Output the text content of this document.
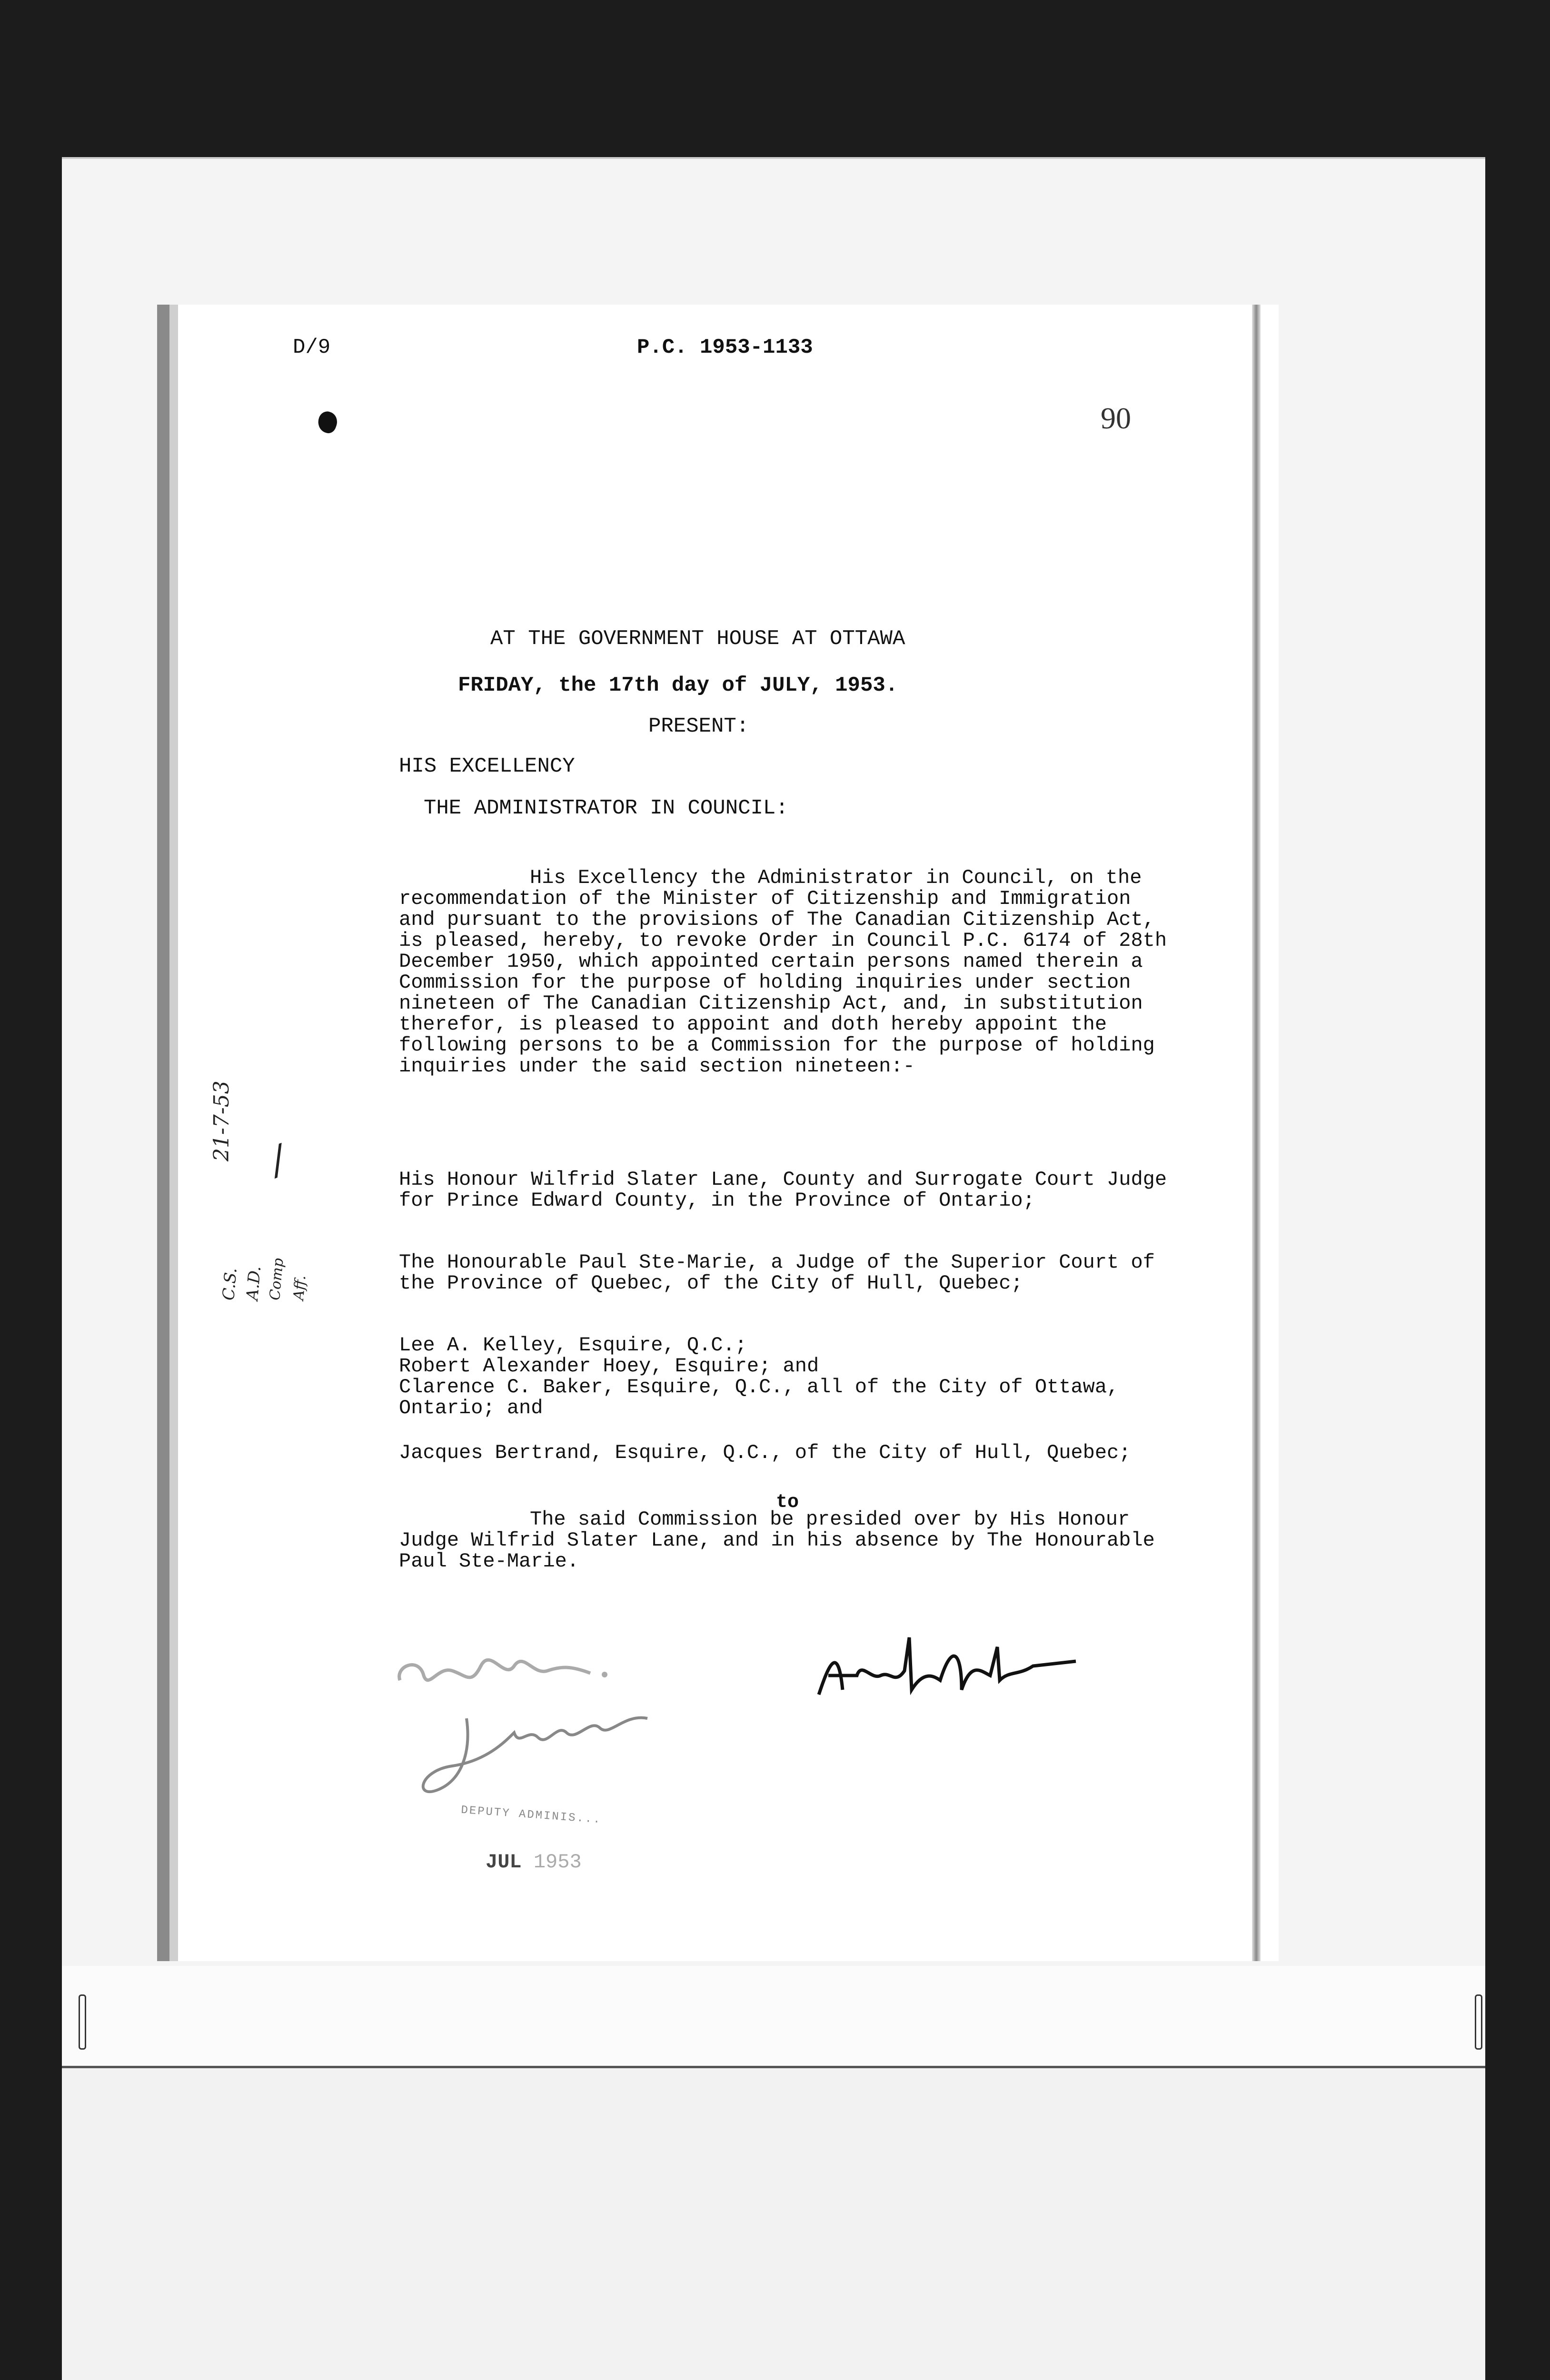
D/9	P.C. 1953-1133
90
AT THE GOVERNMENT HOUSE AT OTTAWA
FRIDAY, the 17th day of JULY, 1953.
PRESENT:
HIS EXCELLENCY
THE ADMINISTRATOR IN COUNCIL:

His Excellency the Administrator in Council, on the recommendation of the Minister of Citizenship and Immigration and pursuant to the provisions of The Canadian Citizenship Act, is pleased, hereby, to revoke Order in Council P.C. 6174 of 28th December 1950, which appointed certain persons named therein a Commission for the purpose of holding inquiries under section nineteen of The Canadian Citizenship Act, and, in substitution therefor, is pleased to appoint and doth hereby appoint the following persons to be a Commission for the purpose of holding inquiries under the said section nineteen:-

His Honour Wilfrid Slater Lane, County and Surrogate Court Judge for Prince Edward County, in the Province of Ontario;

The Honourable Paul Ste-Marie, a Judge of the Superior Court of the Province of Quebec, of the City of Hull, Quebec;

Lee A. Kelley, Esquire, Q.C.;

Robert Alexander Hoey, Esquire; and

Clarence C. Baker, Esquire, Q.C., all of the City of Ottawa, Ontario; and

Jacques Bertrand, Esquire, Q.C., of the City of Hull, Quebec;

to

The said Commission be presided over by His Honour Judge Wilfrid Slater Lane, and in his absence by The Honourable Paul Ste-Marie.

21-7-53 /
C.S. A.D. Comp Aff.
DEPUTY ADMINIS...
JUL 1953
